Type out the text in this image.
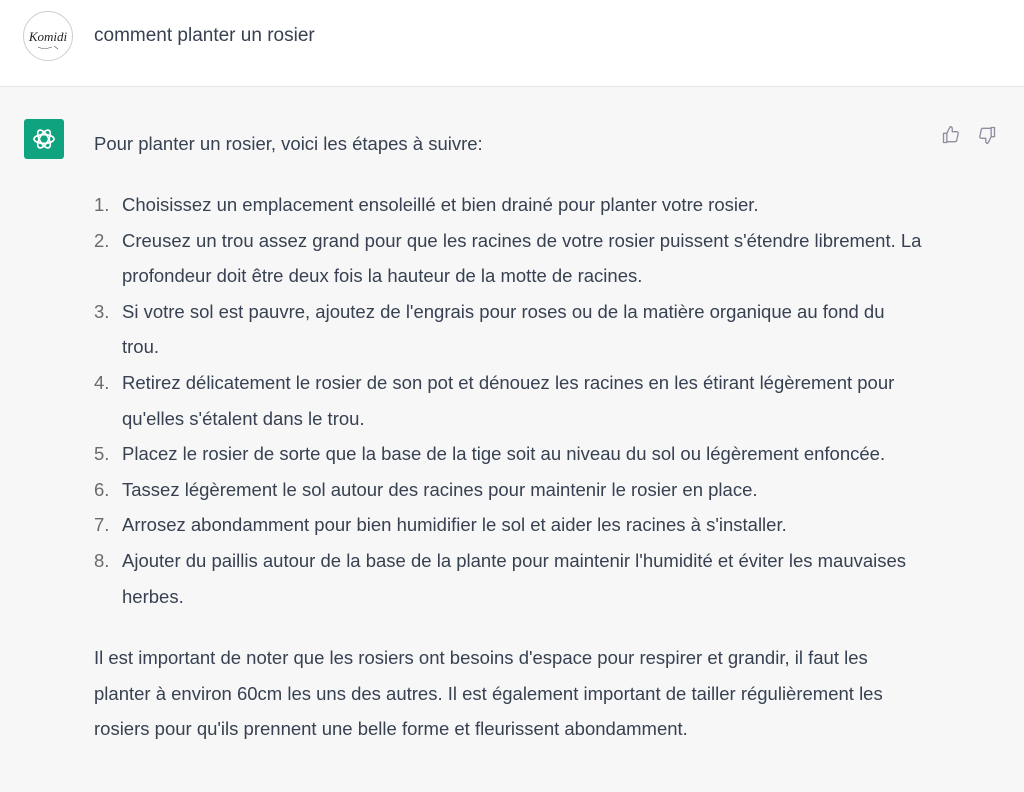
Komidi comment planter un rosier

Pour planter un rosier, voici les étapes à suivre:

1. Choisissez un emplacement ensoleillé et bien drainé pour planter votre rosier.
2. Creusez un trou assez grand pour que les racines de votre rosier puissent s'étendre librement. La profondeur doit être deux fois la hauteur de la motte de racines.
3. Si votre sol est pauvre, ajoutez de l'engrais pour roses ou de la matière organique au fond du trou.
4. Retirez délicatement le rosier de son pot et dénouez les racines en les étirant légèrement pour qu'elles s'étalent dans le trou.
5. Placez le rosier de sorte que la base de la tige soit au niveau du sol ou légèrement enfoncée.
6. Tassez légèrement le sol autour des racines pour maintenir le rosier en place.
7. Arrosez abondamment pour bien humidifier le sol et aider les racines à s'installer.
8. Ajouter du paillis autour de la base de la plante pour maintenir l'humidité et éviter les mauvaises herbes.

Il est important de noter que les rosiers ont besoins d'espace pour respirer et grandir, il faut les planter à environ 60cm les uns des autres. Il est également important de tailler régulièrement les rosiers pour qu'ils prennent une belle forme et fleurissent abondamment.
